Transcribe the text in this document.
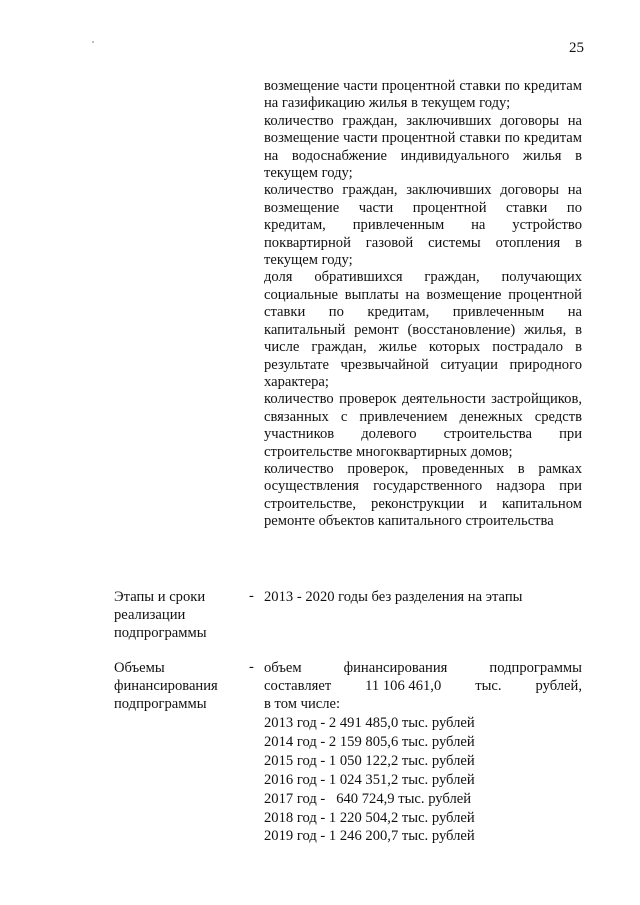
25

возмещение части процентной ставки по кредитам на газификацию жилья в текущем году;

количество граждан, заключивших договоры на возмещение части процентной ставки по кредитам на водоснабжение индивидуального жилья в текущем году;

количество граждан, заключивших договоры на возмещение части процентной ставки по кредитам, привлеченным на устройство поквартирной газовой системы отопления в текущем году;

доля обратившихся граждан, получающих социальные выплаты на возмещение процентной ставки по кредитам, привлеченным на капитальный ремонт (восстановление) жилья, в числе граждан, жилье которых пострадало в результате чрезвычайной ситуации природного характера;

количество проверок деятельности застройщиков, связанных с привлечением денежных средств участников долевого строительства при строительстве многоквартирных домов;

количество проверок, проведенных в рамках осуществления государственного надзора при строительстве, реконструкции и капитальном ремонте объектов капитального строительства

Этапы и сроки реализации подпрограммы
- 2013 - 2020 годы без разделения на этапы
Объемы финансирования подпрограммы
- объем	финансирования	подпрограммы
составляет 11 106 461,0 тыс. рублей,
в том числе:
2013 год - 2 491 485,0 тыс. рублей
2014 год - 2 159 805,6 тыс. рублей
2015 год - 1 050 122,2 тыс. рублей
2016 год - 1 024 351,2 тыс. рублей
2017 год -   640 724,9 тыс. рублей
2018 год - 1 220 504,2 тыс. рублей
2019 год - 1 246 200,7 тыс. рублей
